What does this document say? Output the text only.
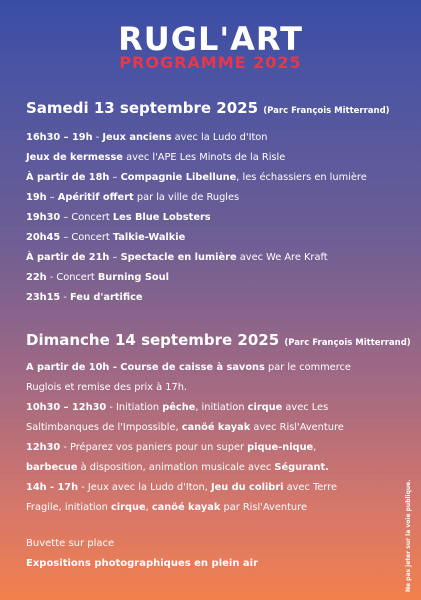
RUGL'ART
PROGRAMME 2025
Samedi 13 septembre 2025 (Parc François Mitterrand)
16h30 – 19h - Jeux anciens avec la Ludo d'Iton
Jeux de kermesse avec l'APE Les Minots de la Risle
À partir de 18h – Compagnie Libellune, les échassiers en lumière
19h – Apéritif offert par la ville de Rugles
19h30 – Concert Les Blue Lobsters
20h45 – Concert Talkie-Walkie
À partir de 21h – Spectacle en lumière avec We Are Kraft
22h - Concert Burning Soul
23h15 - Feu d'artifice
Dimanche 14 septembre 2025 (Parc François Mitterrand)
A partir de 10h - Course de caisse à savons par le commerce
Ruglois et remise des prix à 17h.
10h30 – 12h30 - Initiation pêche, initiation cirque avec Les
Saltimbanques de l'Impossible, canöé kayak avec Risl'Aventure
12h30 - Préparez vos paniers pour un super pique-nique,
barbecue à disposition, animation musicale avec Ségurant.
14h - 17h - Jeux avec la Ludo d'Iton, Jeu du colibri avec Terre
Fragile, initiation cirque, canöé kayak par Risl'Aventure
Buvette sur place
Expositions photographiques en plein air	Ne pas jeter sur la voie publique.
